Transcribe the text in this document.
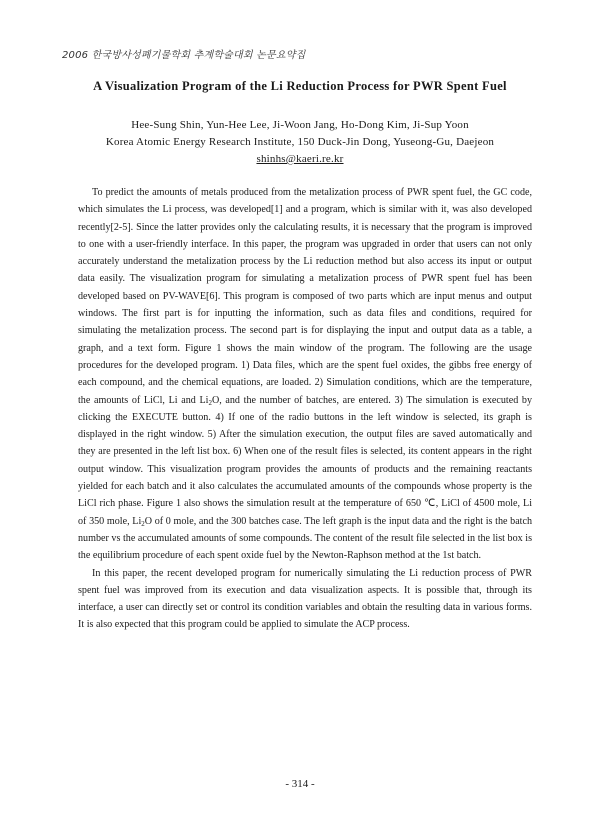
2006 한국방사성폐기물학회 추계학술대회 논문요약집
A Visualization Program of the Li Reduction Process for PWR Spent Fuel
Hee-Sung Shin, Yun-Hee Lee, Ji-Woon Jang, Ho-Dong Kim, Ji-Sup Yoon
Korea Atomic Energy Research Institute, 150 Duck-Jin Dong, Yuseong-Gu, Daejeon
shinhs@kaeri.re.kr

To predict the amounts of metals produced from the metalization process of PWR spent fuel, the GC code, which simulates the Li process, was developed[1] and a program, which is similar with it, was also developed recently[2-5]. Since the latter provides only the calculating results, it is necessary that the program is improved to one with a user-friendly interface. In this paper, the program was upgraded in order that users can not only accurately understand the metalization process by the Li reduction method but also access its input or output data easily. The visualization program for simulating a metalization process of PWR spent fuel has been developed based on PV-WAVE[6]. This program is composed of two parts which are input menus and output windows. The first part is for inputting the information, such as data files and conditions, required for simulating the metalization process. The second part is for displaying the input and output data as a table, a graph, and a text form. Figure 1 shows the main window of the program. The following are the usage procedures for the developed program. 1) Data files, which are the spent fuel oxides, the gibbs free energy of each compound, and the chemical equations, are loaded. 2) Simulation conditions, which are the temperature, the amounts of LiCl, Li and $Li_2O$, and the number of batches, are entered. 3) The simulation is executed by clicking the EXECUTE button. 4) If one of the radio buttons in the left window is selected, its graph is displayed in the right window. 5) After the simulation execution, the output files are saved automatically and they are presented in the left list box. 6) When one of the result files is selected, its content appears in the right output window. This visualization program provides the amounts of products and the remaining reactants yielded for each batch and it also calculates the accumulated amounts of the compounds whose property is the LiCl rich phase. Figure 1 also shows the simulation result at the temperature of 650 ℃, LiCl of 4500 mole, Li of 350 mole, $Li_2O$ of 0 mole, and the 300 batches case. The left graph is the input data and the right is the batch number vs the accumulated amounts of some compounds. The content of the result file selected in the list box is the equilibrium procedure of each spent oxide fuel by the Newton-Raphson method at the 1st batch.

In this paper, the recent developed program for numerically simulating the Li reduction process of PWR spent fuel was improved from its execution and data visualization aspects. It is possible that, through its interface, a user can directly set or control its condition variables and obtain the resulting data in various forms. It is also expected that this program could be applied to simulate the ACP process.

- 314 -
